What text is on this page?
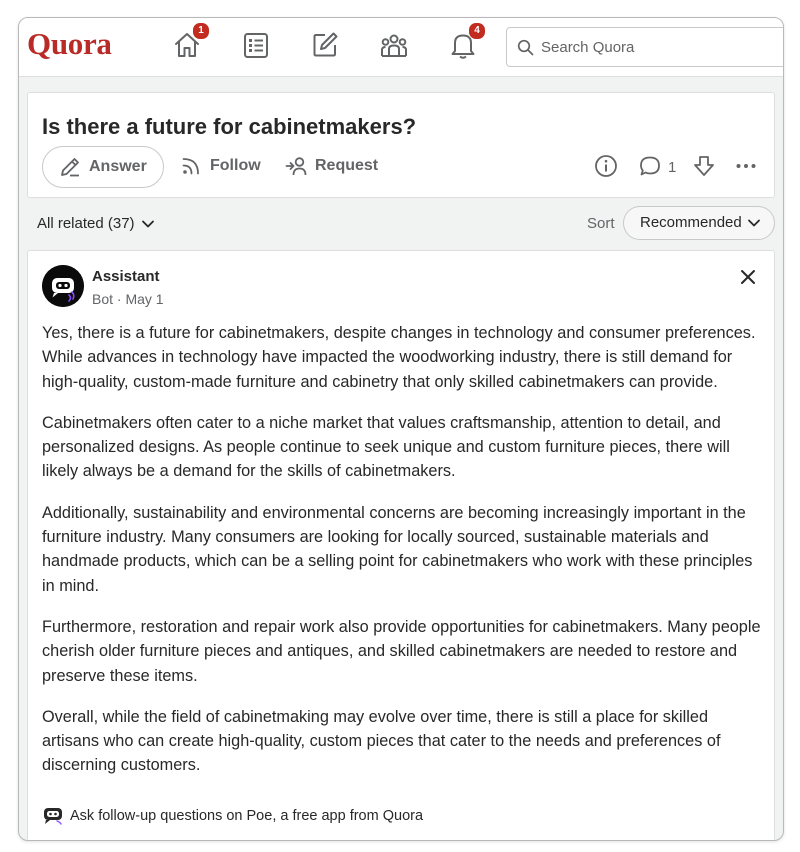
Quora	1	4
Search Quora
Is there a future for cabinetmakers?
Answer	Follow	Request	1
All related (37)	Sort Recommended
Assistant
Bot · May 1

Yes, there is a future for cabinetmakers, despite changes in technology and consumer preferences. While advances in technology have impacted the woodworking industry, there is still demand for high-quality, custom-made furniture and cabinetry that only skilled cabinetmakers can provide.

Cabinetmakers often cater to a niche market that values craftsmanship, attention to detail, and personalized designs. As people continue to seek unique and custom furniture pieces, there will likely always be a demand for the skills of cabinetmakers.

Additionally, sustainability and environmental concerns are becoming increasingly important in the furniture industry. Many consumers are looking for locally sourced, sustainable materials and handmade products, which can be a selling point for cabinetmakers who work with these principles in mind.

Furthermore, restoration and repair work also provide opportunities for cabinetmakers. Many people cherish older furniture pieces and antiques, and skilled cabinetmakers are needed to restore and preserve these items.

Overall, while the field of cabinetmaking may evolve over time, there is still a place for skilled artisans who can create high-quality, custom pieces that cater to the needs and preferences of discerning customers.

Ask follow-up questions on Poe, a free app from Quora
